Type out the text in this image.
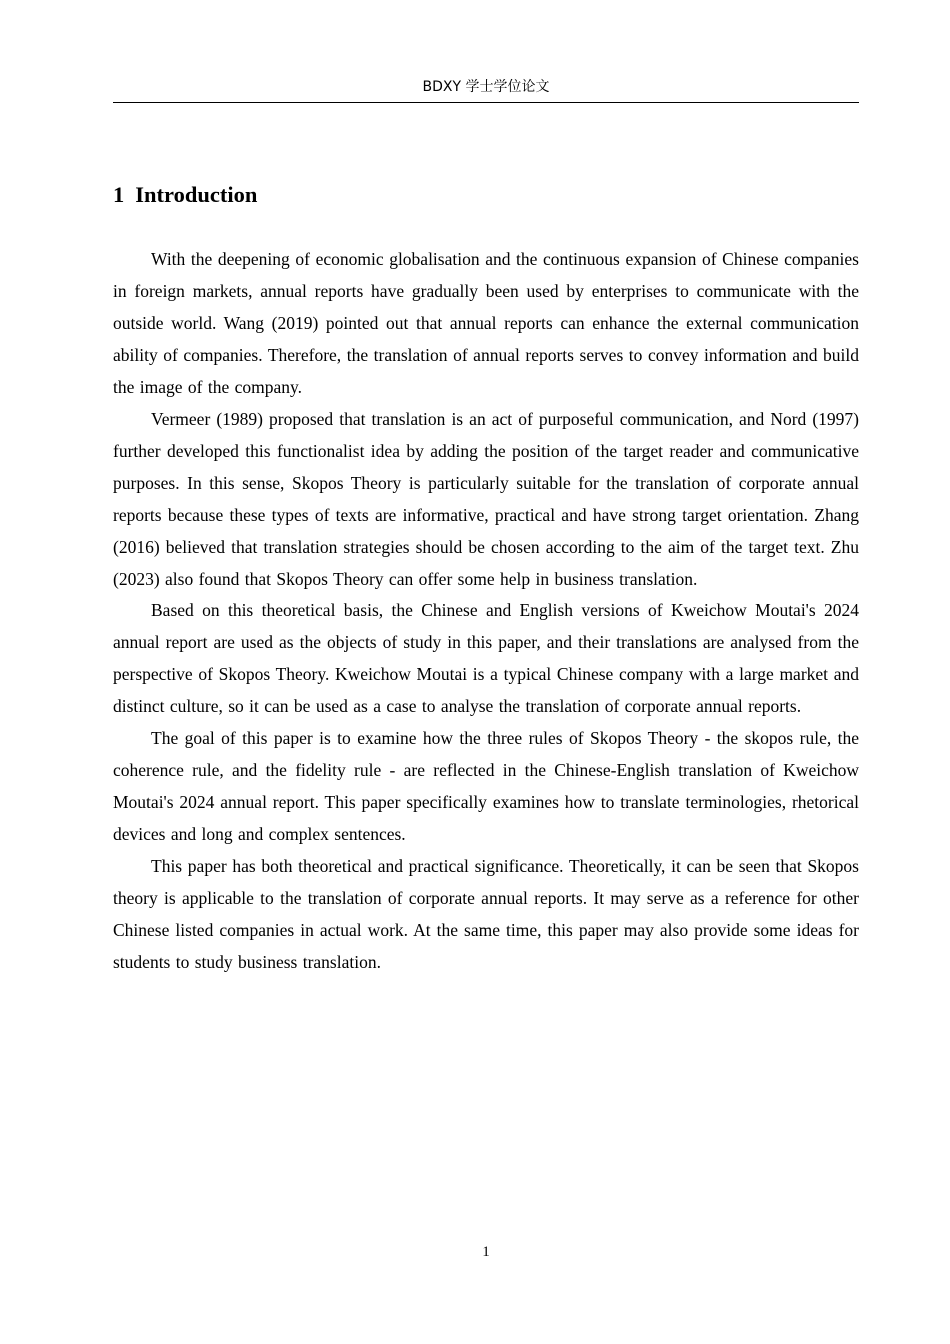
BDXY 学士学位论文
1 Introduction

With the deepening of economic globalisation and the continuous expansion of Chinese companies in foreign markets, annual reports have gradually been used by enterprises to communicate with the outside world. Wang (2019) pointed out that annual reports can enhance the external communication ability of companies. Therefore, the translation of annual reports serves to convey information and build the image of the company.

Vermeer (1989) proposed that translation is an act of purposeful communication, and Nord (1997) further developed this functionalist idea by adding the position of the target reader and communicative purposes. In this sense, Skopos Theory is particularly suitable for the translation of corporate annual reports because these types of texts are informative, practical and have strong target orientation. Zhang (2016) believed that translation strategies should be chosen according to the aim of the target text. Zhu (2023) also found that Skopos Theory can offer some help in business translation.

Based on this theoretical basis, the Chinese and English versions of Kweichow Moutai's 2024 annual report are used as the objects of study in this paper, and their translations are analysed from the perspective of Skopos Theory. Kweichow Moutai is a typical Chinese company with a large market and distinct culture, so it can be used as a case to analyse the translation of corporate annual reports.

The goal of this paper is to examine how the three rules of Skopos Theory - the skopos rule, the coherence rule, and the fidelity rule - are reflected in the Chinese-English translation of Kweichow Moutai's 2024 annual report. This paper specifically examines how to translate terminologies, rhetorical devices and long and complex sentences.

This paper has both theoretical and practical significance. Theoretically, it can be seen that Skopos theory is applicable to the translation of corporate annual reports. It may serve as a reference for other Chinese listed companies in actual work. At the same time, this paper may also provide some ideas for students to study business translation.

1
